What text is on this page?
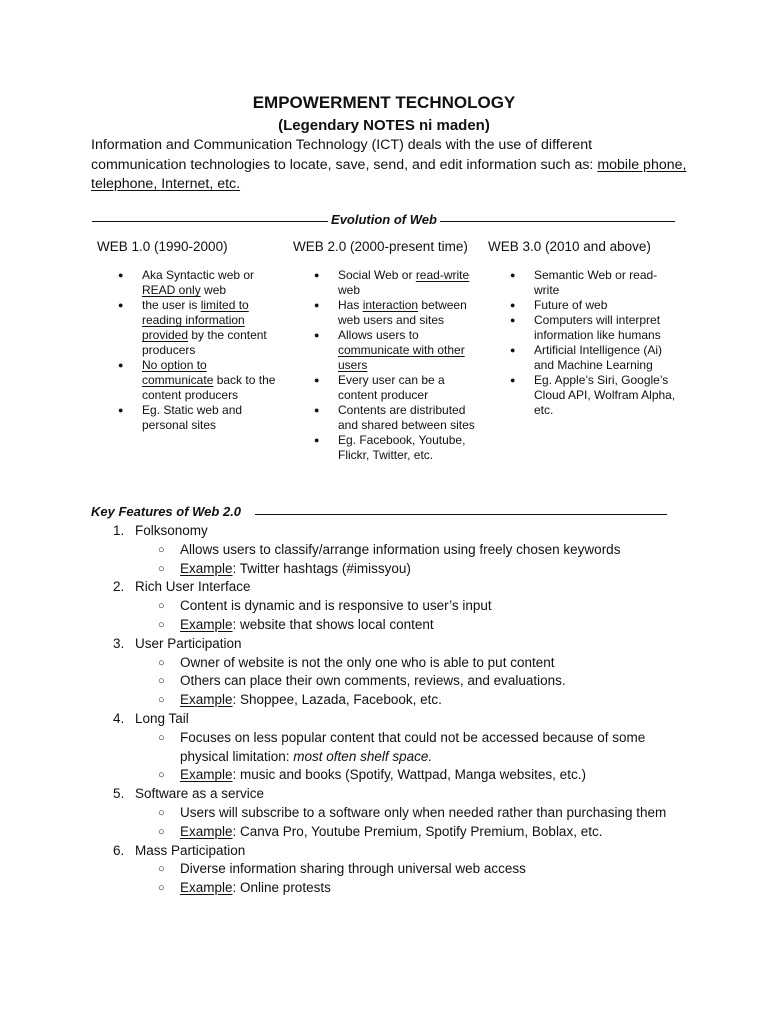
EMPOWERMENT TECHNOLOGY
(Legendary NOTES ni maden)
Information and Communication Technology (ICT) deals with the use of different communication technologies to locate, save, send, and edit information such as: mobile phone, telephone, Internet, etc.
Evolution of Web
WEB 1.0 (1990-2000)	WEB 2.0 (2000-present time) WEB 3.0 (2010 and above)
● Aka Syntactic web or READ only web
● the user is limited to reading information provided by the content producers
● No option to communicate back to the content producers
● Eg. Static web and personal sites
● Social Web or read-write web
● Has interaction between web users and sites
● Allows users to communicate with other users
● Every user can be a content producer
● Contents are distributed and shared between sites
● Eg. Facebook, Youtube, Flickr, Twitter, etc.
● Semantic Web or read-write
● Future of web
● Computers will interpret information like humans
● Artificial Intelligence (Ai) and Machine Learning
● Eg. Apple’s Siri, Google’s Cloud API, Wolfram Alpha, etc.
Key Features of Web 2.0
1. Folksonomy
○ Allows users to classify/arrange information using freely chosen keywords
○ Example: Twitter hashtags (#imissyou)
2. Rich User Interface
○ Content is dynamic and is responsive to user’s input
○ Example: website that shows local content
3. User Participation
○ Owner of website is not the only one who is able to put content
○ Others can place their own comments, reviews, and evaluations.
○ Example: Shoppee, Lazada, Facebook, etc.
4. Long Tail
○ Focuses on less popular content that could not be accessed because of some physical limitation: most often shelf space.
○ Example: music and books (Spotify, Wattpad, Manga websites, etc.)
5. Software as a service
○ Users will subscribe to a software only when needed rather than purchasing them
○ Example: Canva Pro, Youtube Premium, Spotify Premium, Boblax, etc.
6. Mass Participation
○ Diverse information sharing through universal web access
○ Example: Online protests
